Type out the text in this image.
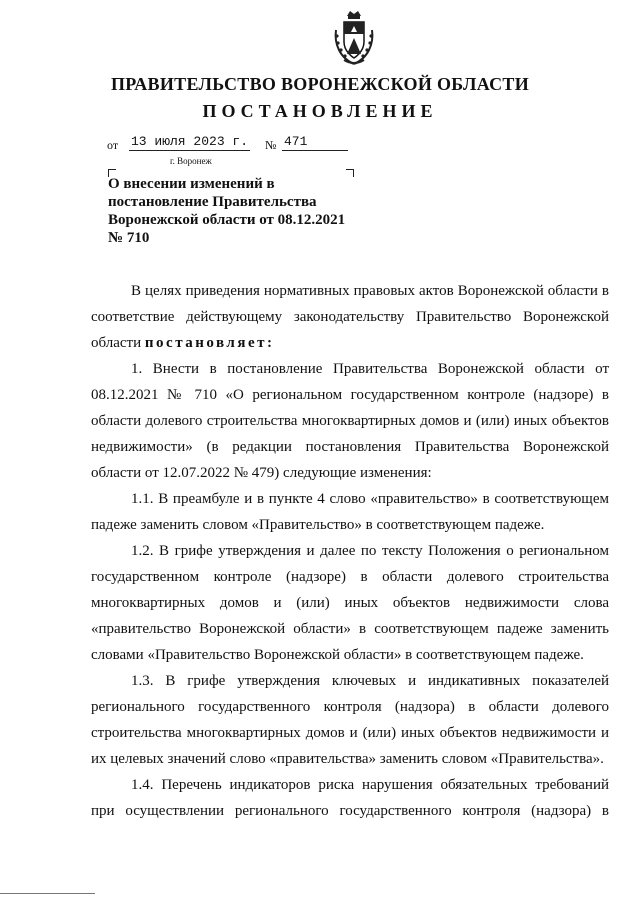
ПРАВИТЕЛЬСТВО ВОРОНЕЖСКОЙ ОБЛАСТИ
ПОСТАНОВЛЕНИЕ
от 13 июля 2023 г. № 471
г. Воронеж
О внесении изменений в постановление Правительства Воронежской области от 08.12.2021 № 710

В целях приведения нормативных правовых актов Воронежской области в соответствие действующему законодательству Правительство Воронежской области постановляет:

1. Внести в постановление Правительства Воронежской области от 08.12.2021 № 710 «О региональном государственном контроле (надзоре) в области долевого строительства многоквартирных домов и (или) иных объектов недвижимости» (в редакции постановления Правительства Воронежской области от 12.07.2022 № 479) следующие изменения:

1.1. В преамбуле и в пункте 4 слово «правительство» в соответствующем падеже заменить словом «Правительство» в соответствующем падеже.

1.2. В грифе утверждения и далее по тексту Положения о региональном государственном контроле (надзоре) в области долевого строительства многоквартирных домов и (или) иных объектов недвижимости слова «правительство Воронежской области» в соответствующем падеже заменить словами «Правительство Воронежской области» в соответствующем падеже.

1.3. В грифе утверждения ключевых и индикативных показателей регионального государственного контроля (надзора) в области долевого строительства многоквартирных домов и (или) иных объектов недвижимости и их целевых значений слово «правительства» заменить словом «Правительства».

1.4. Перечень индикаторов риска нарушения обязательных требований при осуществлении регионального государственного контроля (надзора) в
